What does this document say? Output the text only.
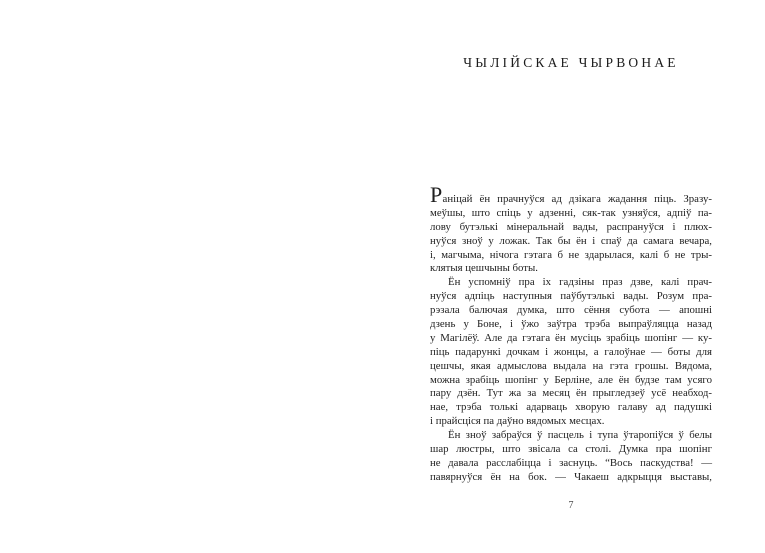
ЧЫЛІЙСКАЕ ЧЫРВОНАЕ
Раніцай ён прачнуўся ад дзікага жадання піць. Зразу-
меўшы, што спіць у адзенні, сяк-так узняўся, адпіў па-
лову бутэлькі мінеральнай вады, распрануўся і плюх-
нуўся зноў у ложак. Так бы ён і спаў да самага вечара,
і, магчыма, нічога гэтага б не здарылася, калі б не тры-
клятыя цешчыны боты.
Ён успомніў пра іх гадзіны праз дзве, калі прач-
нуўся адпіць наступныя паўбутэлькі вады. Розум пра-
рэзала балючая думка, што сёння субота — апошні
дзень у Боне, і ўжо заўтра трэба выпраўляцца назад
у Магілёў. Але да гэтага ён мусіць зрабіць шопінг — ку-
піць падарункі дочкам і жонцы, а галоўнае — боты для
цешчы, якая адмыслова выдала на гэта грошы. Вядома,
можна зрабіць шопінг у Берліне, але ён будзе там усяго
пару дзён. Тут жа за месяц ён прыгледзеў усё неабход-
нае, трэба толькі адарваць хворую галаву ад падушкі
і прайсціся па даўно вядомых месцах.
Ён зноў забраўся ў пасцель і тупа ўтаропіўся ў белы
шар люстры, што звісала са столі. Думка пра шопінг
не давала расслабіцца і заснуць. “Вось паскудства! —
павярнуўся ён на бок. — Чакаеш адкрыцця выставы,
7
